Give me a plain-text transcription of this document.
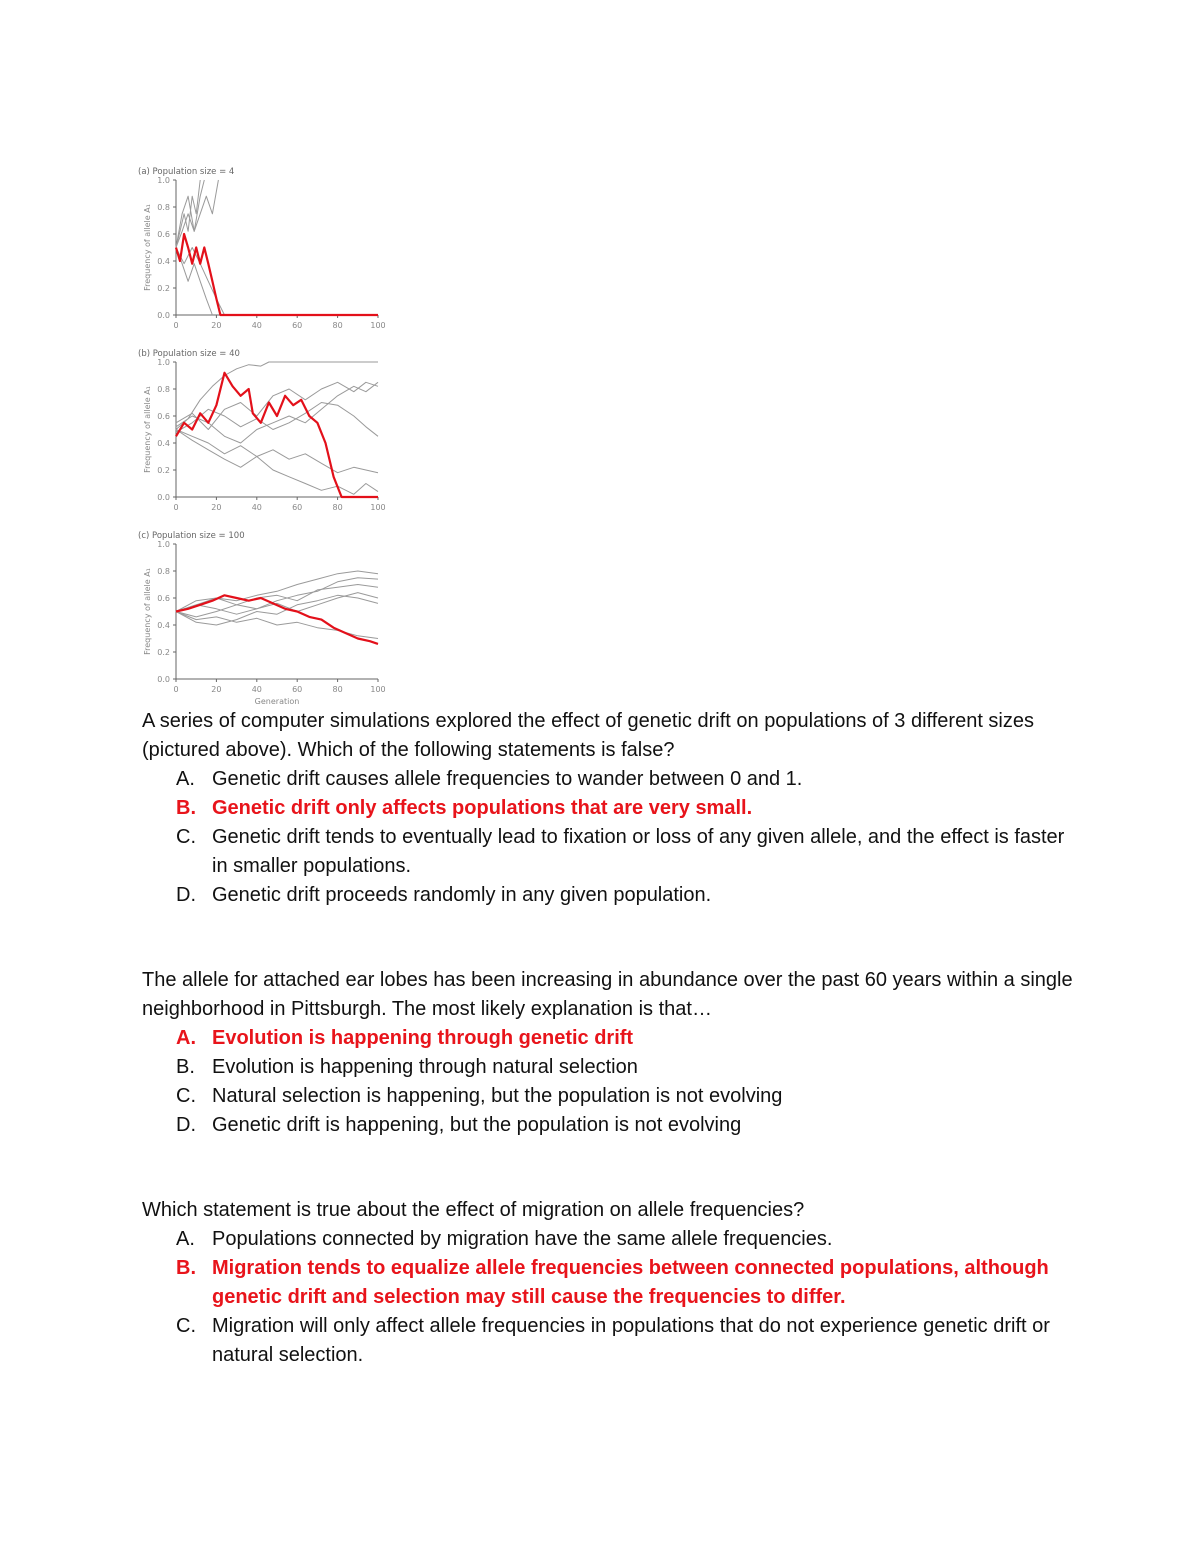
(a) Population size = 4
Frequency of allele A₁
0.0
0.2
0.4
0.6
0.8
1.0
0	20	40	60	80	100
(b) Population size = 40
Frequency of allele A₁
0.0
0.2
0.4
0.6
0.8
1.0
0	20	40	60	80	100
(c) Population size = 100
Frequency of allele A₁
0.0
0.2
0.4
0.6
0.8
1.0
0	20	40	60	80	100
Generation

A series of computer simulations explored the effect of genetic drift on populations of 3 different sizes (pictured above). Which of the following statements is false?

A. Genetic drift causes allele frequencies to wander between 0 and 1.
B. Genetic drift only affects populations that are very small.
C. Genetic drift tends to eventually lead to fixation or loss of any given allele, and the effect is faster in smaller populations.
D. Genetic drift proceeds randomly in any given population.

The allele for attached ear lobes has been increasing in abundance over the past 60 years within a single neighborhood in Pittsburgh. The most likely explanation is that…

A. Evolution is happening through genetic drift
B. Evolution is happening through natural selection
C. Natural selection is happening, but the population is not evolving
D. Genetic drift is happening, but the population is not evolving

Which statement is true about the effect of migration on allele frequencies?

A. Populations connected by migration have the same allele frequencies.
B. Migration tends to equalize allele frequencies between connected populations, although genetic drift and selection may still cause the frequencies to differ.
C. Migration will only affect allele frequencies in populations that do not experience genetic drift or natural selection.
